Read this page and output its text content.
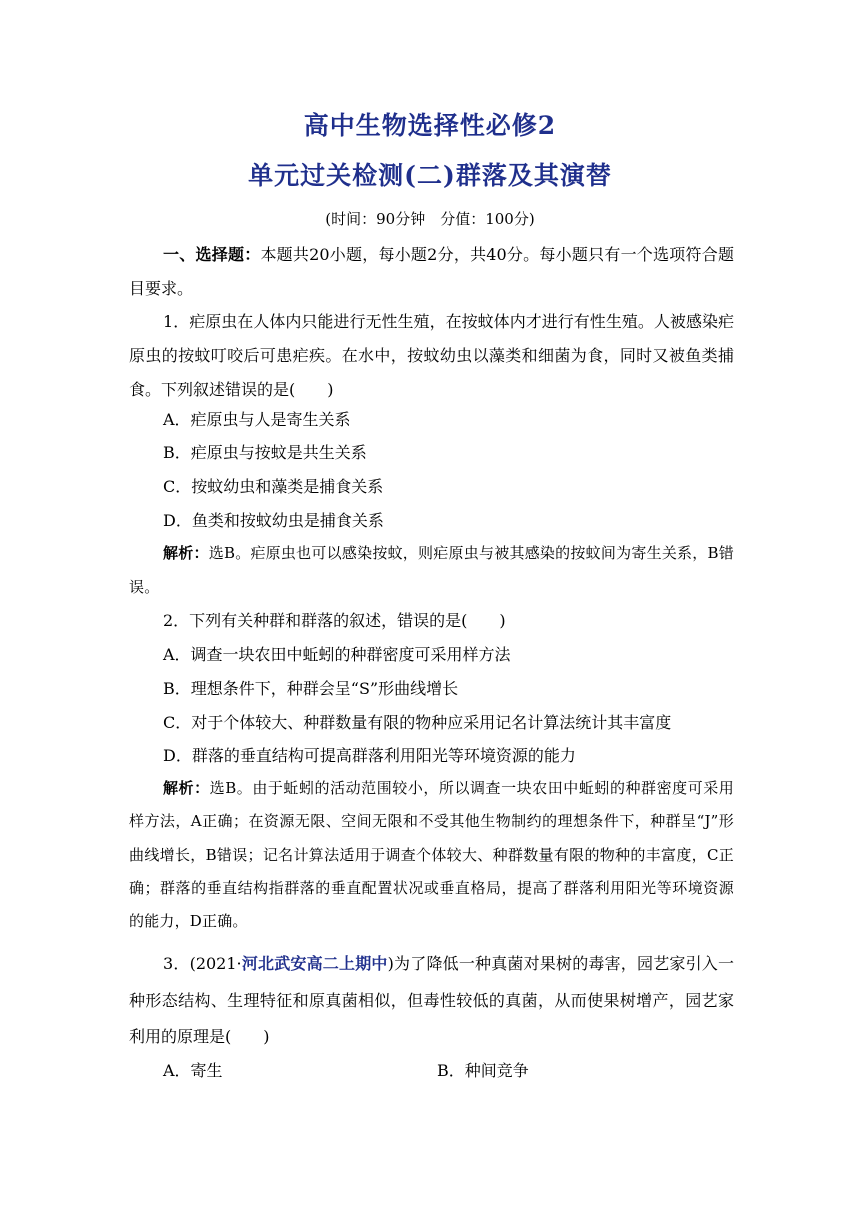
高中生物选择性必修2
单元过关检测(二)群落及其演替
(时间：90分钟　分值：100分)

一、选择题：本题共20小题，每小题2分，共40分。每小题只有一个选项符合题目要求。

1．疟原虫在人体内只能进行无性生殖，在按蚊体内才进行有性生殖。人被感染疟原虫的按蚊叮咬后可患疟疾。在水中，按蚊幼虫以藻类和细菌为食，同时又被鱼类捕食。下列叙述错误的是(　　)

A．疟原虫与人是寄生关系
B．疟原虫与按蚊是共生关系
C．按蚊幼虫和藻类是捕食关系
D．鱼类和按蚊幼虫是捕食关系

解析：选B。疟原虫也可以感染按蚊，则疟原虫与被其感染的按蚊间为寄生关系，B错误。

2．下列有关种群和群落的叙述，错误的是(　　)
A．调查一块农田中蚯蚓的种群密度可采用样方法
B．理想条件下，种群会呈“S”形曲线增长
C．对于个体较大、种群数量有限的物种应采用记名计算法统计其丰富度
D．群落的垂直结构可提高群落利用阳光等环境资源的能力

解析：选B。由于蚯蚓的活动范围较小，所以调查一块农田中蚯蚓的种群密度可采用样方法，A正确；在资源无限、空间无限和不受其他生物制约的理想条件下，种群呈“J”形曲线增长，B错误；记名计算法适用于调查个体较大、种群数量有限的物种的丰富度，C正确；群落的垂直结构指群落的垂直配置状况或垂直格局，提高了群落利用阳光等环境资源的能力，D正确。

3．(2021·河北武安高二上期中)为了降低一种真菌对果树的毒害，园艺家引入一种形态结构、生理特征和原真菌相似，但毒性较低的真菌，从而使果树增产，园艺家利用的原理是(　　)

A．寄生	B．种间竞争
